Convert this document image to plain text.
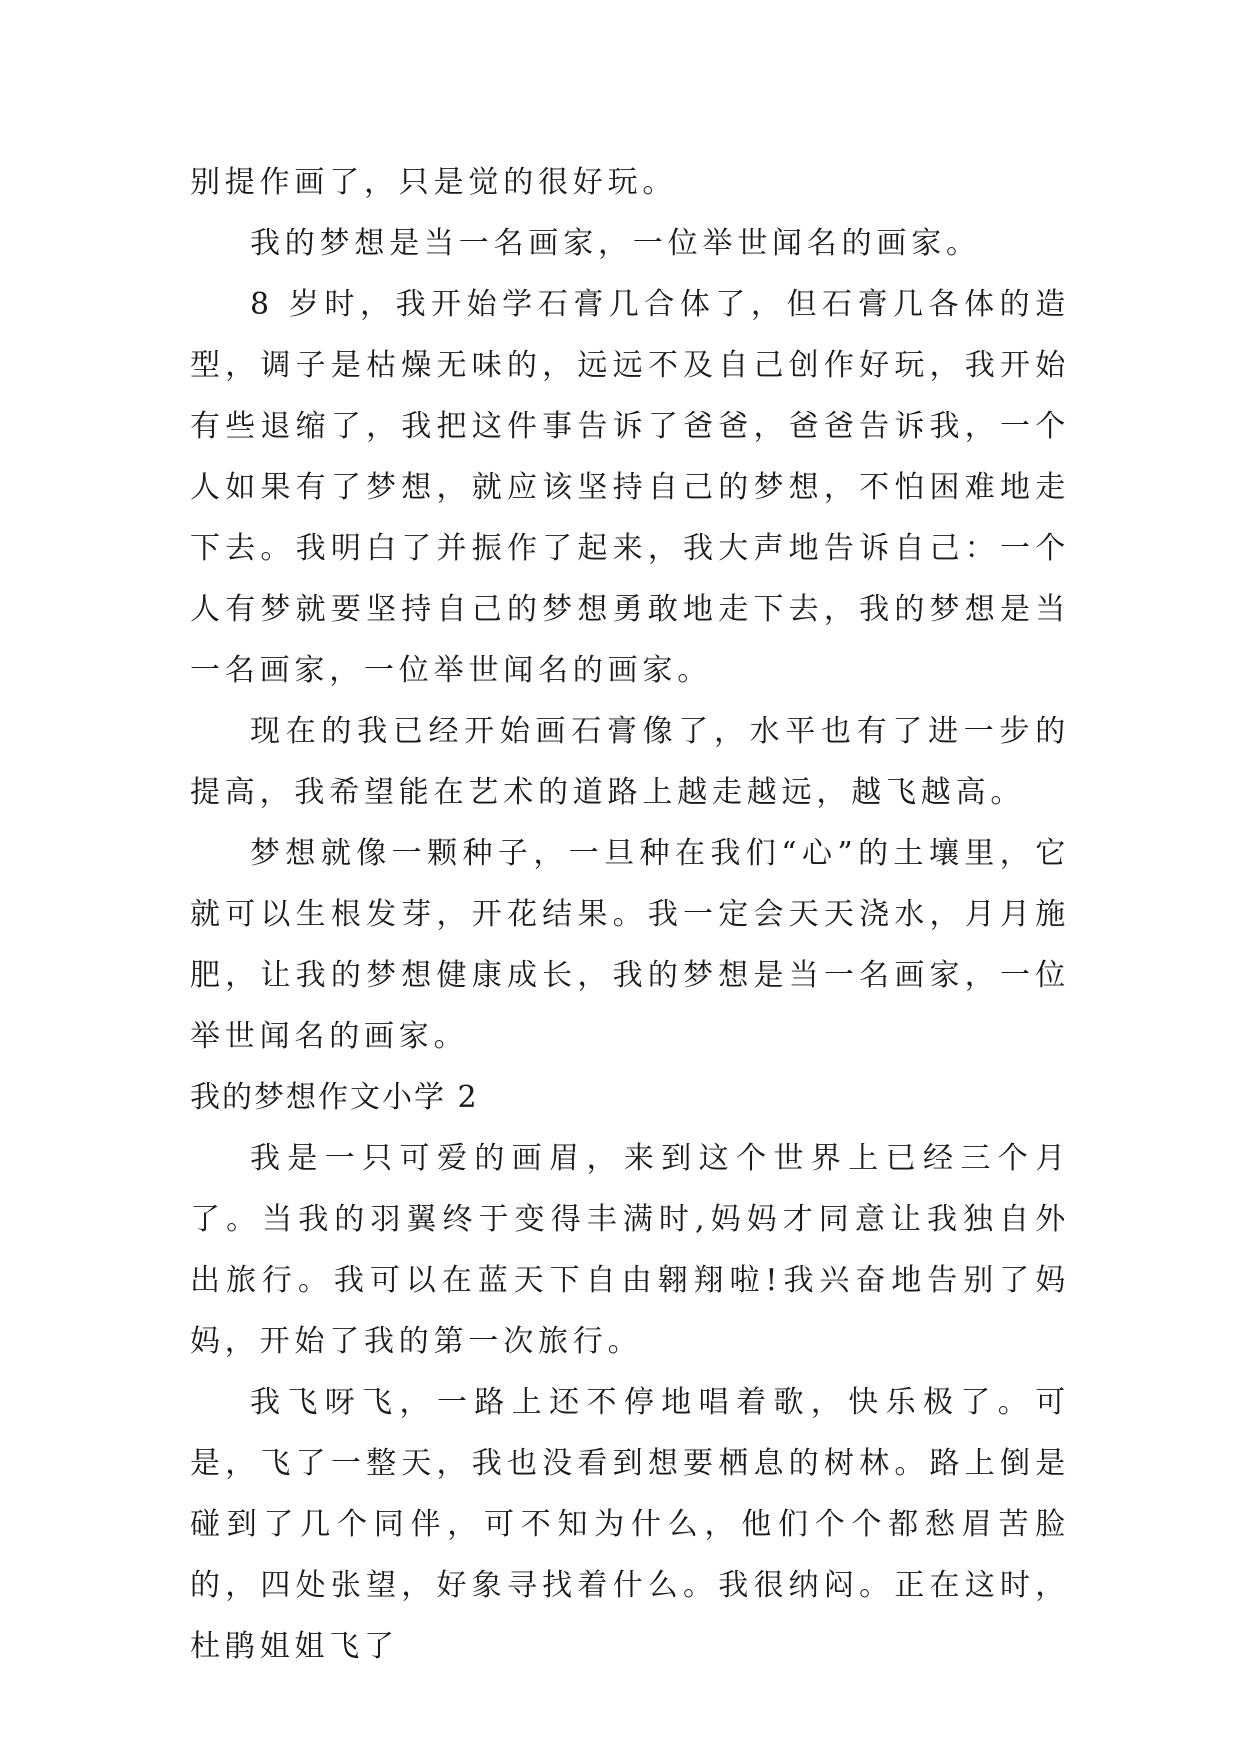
别提作画了，只是觉的很好玩。

我的梦想是当一名画家，一位举世闻名的画家。

8 岁时，我开始学石膏几合体了，但石膏几各体的造型，调子是枯燥无味的，远远不及自己创作好玩，我开始有些退缩了，我把这件事告诉了爸爸，爸爸告诉我，一个人如果有了梦想，就应该坚持自己的梦想，不怕困难地走下去。我明白了并振作了起来，我大声地告诉自己：一个人有梦就要坚持自己的梦想勇敢地走下去，我的梦想是当一名画家，一位举世闻名的画家。

现在的我已经开始画石膏像了，水平也有了进一步的提高，我希望能在艺术的道路上越走越远，越飞越高。

梦想就像一颗种子，一旦种在我们“心”的土壤里，它就可以生根发芽，开花结果。我一定会天天浇水，月月施肥，让我的梦想健康成长，我的梦想是当一名画家，一位举世闻名的画家。

我的梦想作文小学 2

我是一只可爱的画眉，来到这个世界上已经三个月了。当我的羽翼终于变得丰满时,妈妈才同意让我独自外出旅行。我可以在蓝天下自由翱翔啦!我兴奋地告别了妈妈，开始了我的第一次旅行。

我飞呀飞，一路上还不停地唱着歌，快乐极了。可是，飞了一整天，我也没看到想要栖息的树林。路上倒是碰到了几个同伴，可不知为什么，他们个个都愁眉苦脸的，四处张望，好象寻找着什么。我很纳闷。正在这时，杜鹃姐姐飞了
